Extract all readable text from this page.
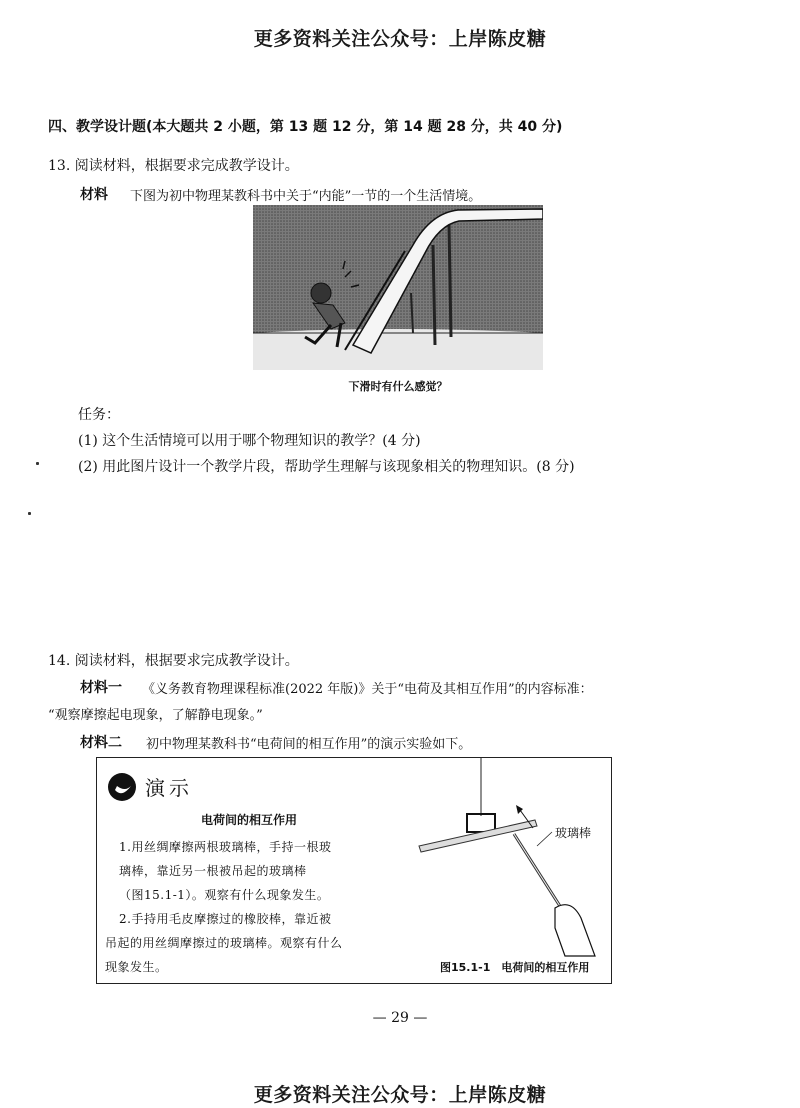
更多资料关注公众号：上岸陈皮糖
四、教学设计题(本大题共 2 小题，第 13 题 12 分，第 14 题 28 分，共 40 分)
13. 阅读材料，根据要求完成教学设计。
材料 下图为初中物理某教科书中关于“内能”一节的一个生活情境。
下滑时有什么感觉？
任务：
(1) 这个生活情境可以用于哪个物理知识的教学？(4 分)
(2) 用此图片设计一个教学片段，帮助学生理解与该现象相关的物理知识。(8 分)
14. 阅读材料，根据要求完成教学设计。
材料一 《义务教育物理课程标准(2022 年版)》关于“电荷及其相互作用”的内容标准：
“观察摩擦起电现象，了解静电现象。”
材料二 初中物理某教科书“电荷间的相互作用”的演示实验如下。
演示
电荷间的相互作用
1.用丝绸摩擦两根玻璃棒，手持一根玻
璃棒，靠近另一根被吊起的玻璃棒
（图15.1-1）。观察有什么现象发生。
2.手持用毛皮摩擦过的橡胶棒，靠近被
吊起的用丝绸摩擦过的玻璃棒。观察有什么
现象发生。
玻璃棒
图15.1-1　电荷间的相互作用
— 29 —
更多资料关注公众号：上岸陈皮糖
